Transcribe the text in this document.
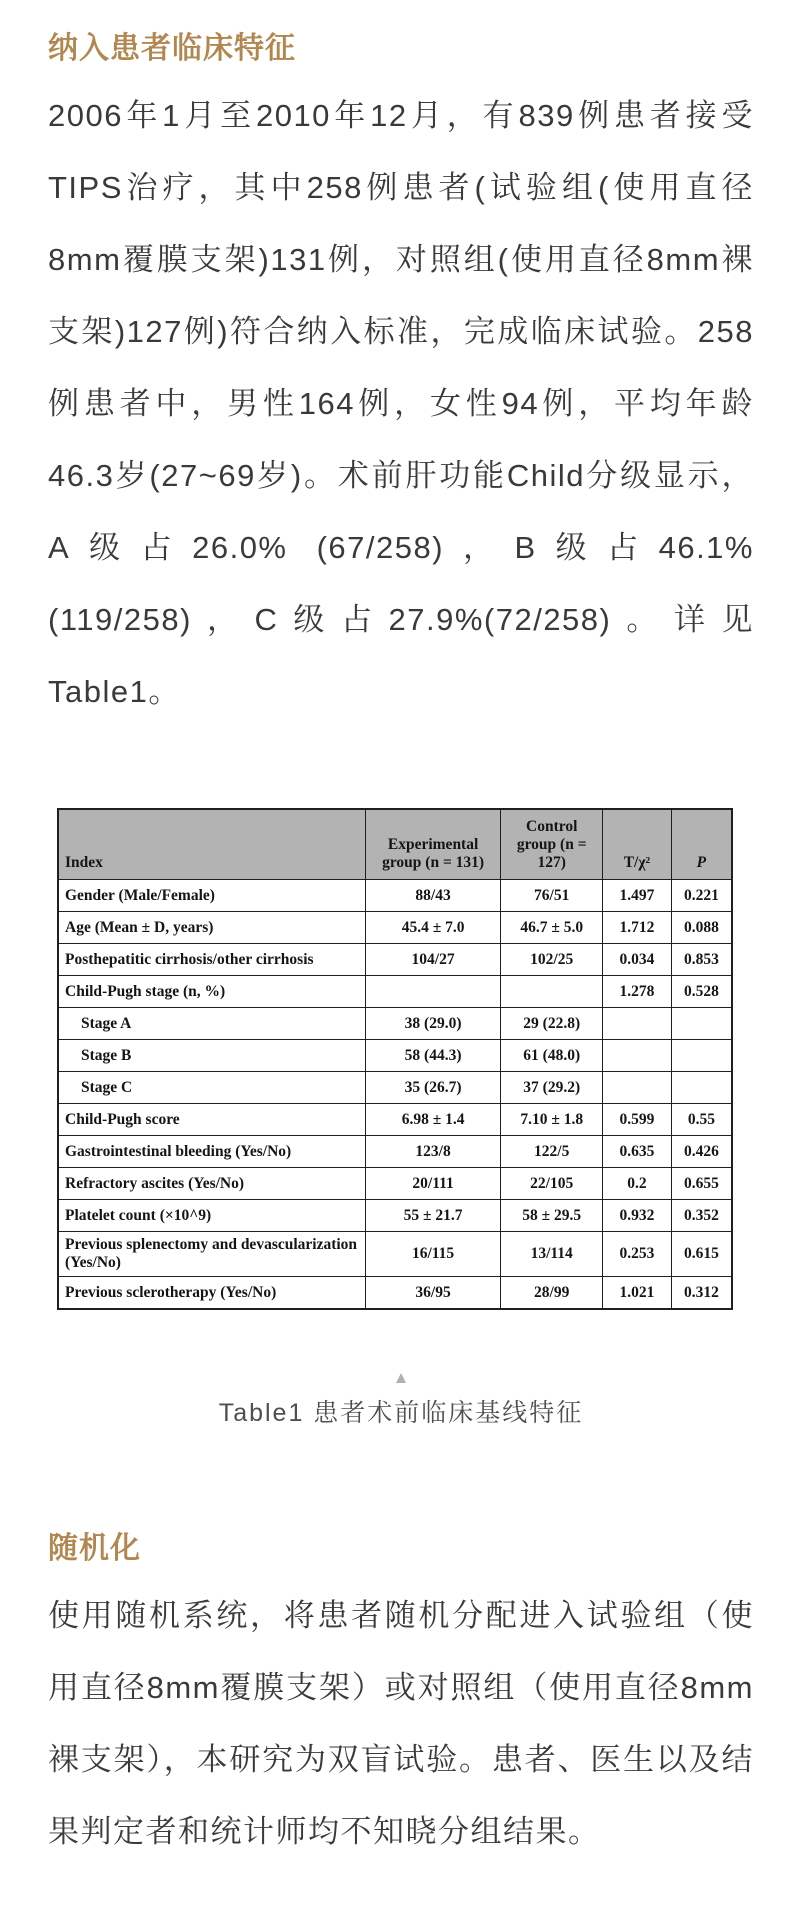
纳入患者临床特征

2006年1月至2010年12月，有839例患者接受TIPS治疗，其中258例患者(试验组(使用直径8mm覆膜支架)131例，对照组(使用直径8mm裸支架)127例)符合纳入标准，完成临床试验。258例患者中，男性164例，女性94例，平均年龄46.3岁(27~69岁)。术前肝功能Child分级显示，A级占26.0% (67/258)，B级占46.1%(119/258)，C级占27.9%(72/258)。详见Table1。

Index	Experimental group (n = 131)	Control group (n = 127)	T/χ²	P
Gender (Male/Female)	88/43	76/51	1.497	0.221
Age (Mean ± D, years)	45.4 ± 7.0	46.7 ± 5.0	1.712	0.088
Posthepatitic cirrhosis/other cirrhosis	104/27	102/25	0.034	0.853
Child-Pugh stage (n, %)			1.278	0.528
Stage A	38 (29.0)	29 (22.8)		
Stage B	58 (44.3)	61 (48.0)		
Stage C	35 (26.7)	37 (29.2)		
Child-Pugh score	6.98 ± 1.4	7.10 ± 1.8	0.599	0.55
Gastrointestinal bleeding (Yes/No)	123/8	122/5	0.635	0.426
Refractory ascites (Yes/No)	20/111	22/105	0.2	0.655
Platelet count (×10^9)	55 ± 21.7	58 ± 29.5	0.932	0.352
Previous splenectomy and devascularization (Yes/No)	16/115	13/114	0.253	0.615
Previous sclerotherapy (Yes/No)	36/95	28/99	1.021	0.312
▲
Table1 患者术前临床基线特征
随机化

使用随机系统，将患者随机分配进入试验组（使用直径8mm覆膜支架）或对照组（使用直径8mm裸支架），本研究为双盲试验。患者、医生以及结果判定者和统计师均不知晓分组结果。
